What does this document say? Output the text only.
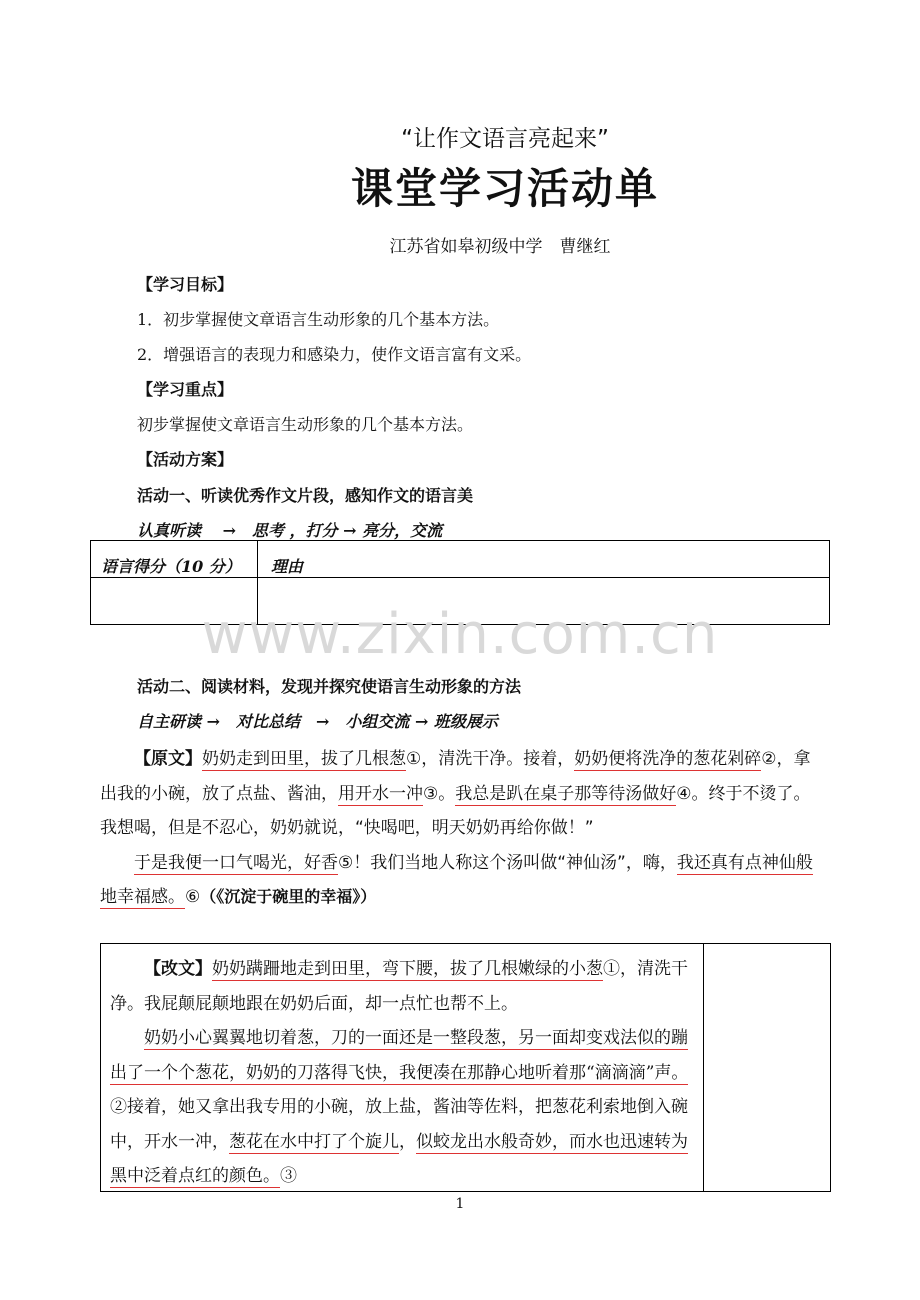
“让作文语言亮起来”
课堂学习活动单
江苏省如皋初级中学　曹继红
【学习目标】
1．初步掌握使文章语言生动形象的几个基本方法。
2．增强语言的表现力和感染力，使作文语言富有文采。
【学习重点】
初步掌握使文章语言生动形象的几个基本方法。
【活动方案】
活动一、听读优秀作文片段，感知作文的语言美
认真听读　 →　思考 ，打分 → 亮分，交流
语言得分（10 分） 理由
www.zixin.com.cn
活动二、阅读材料，发现并探究使语言生动形象的方法
自主研读 →　对比总结　→　小组交流 → 班级展示

【原文】奶奶走到田里，拔了几根葱①，清洗干净。接着，奶奶便将洗净的葱花剁碎②，拿出我的小碗，放了点盐、酱油，用开水一冲③。我总是趴在桌子那等待汤做好④。终于不烫了。我想喝，但是不忍心，奶奶就说，“快喝吧，明天奶奶再给你做！”

于是我便一口气喝光，好香⑤！我们当地人称这个汤叫做“神仙汤”，嗨，我还真有点神仙般地幸福感。⑥（《沉淀于碗里的幸福》）

【改文】奶奶蹒跚地走到田里，弯下腰，拔了几根嫩绿的小葱①，清洗干净。我屁颠屁颠地跟在奶奶后面，却一点忙也帮不上。

奶奶小心翼翼地切着葱，刀的一面还是一整段葱，另一面却变戏法似的蹦出了一个个葱花，奶奶的刀落得飞快，我便凑在那静心地听着那“滴滴滴”声。②接着，她又拿出我专用的小碗，放上盐，酱油等佐料，把葱花利索地倒入碗中，开水一冲，葱花在水中打了个旋儿，似蛟龙出水般奇妙，而水也迅速转为黑中泛着点红的颜色。③

1
